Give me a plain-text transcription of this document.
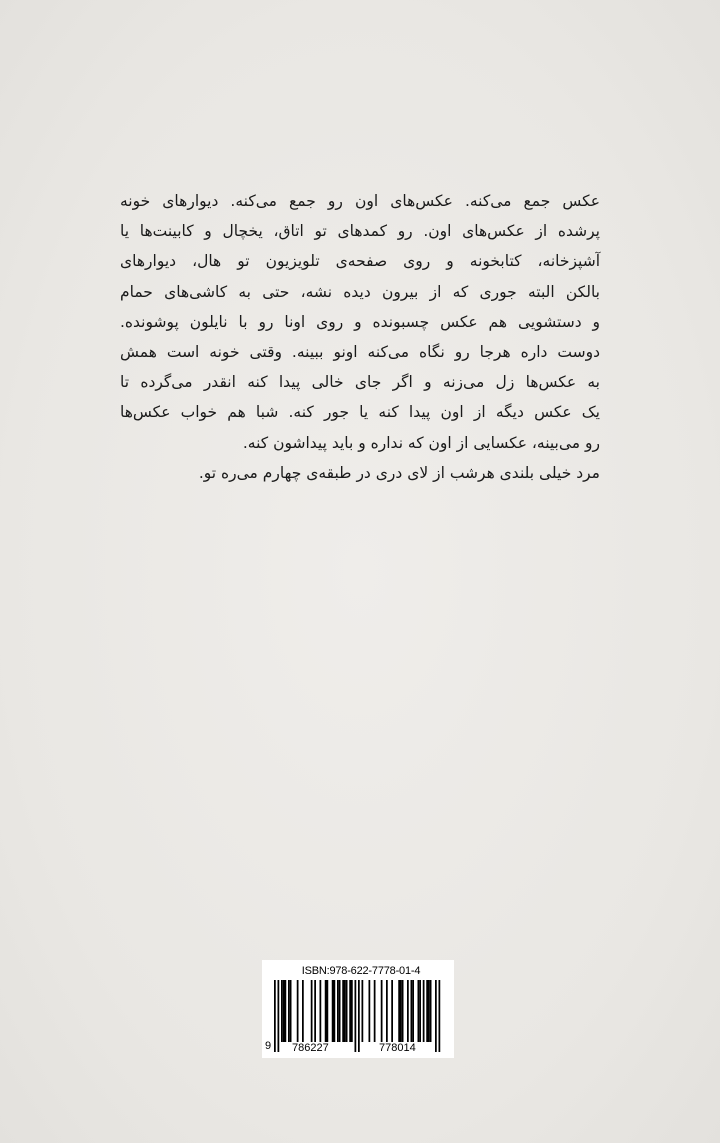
عکس جمع می‌کنه. عکس‌های اون رو جمع می‌کنه. دیوارهای خونه

پرشده از عکس‌های اون. رو کمدهای تو اتاق، یخچال و کابینت‌ها یا

آشپزخانه، کتابخونه و روی صفحه‌ی تلویزیون تو هال، دیوارهای

بالکن البته جوری که از بیرون دیده نشه، حتی به کاشی‌های حمام

و دستشویی هم عکس چسبونده و روی اونا رو با نایلون پوشونده.

دوست داره هرجا رو نگاه می‌کنه اونو ببینه. وقتی خونه است همش

به عکس‌ها زل می‌زنه و اگر جای خالی پیدا کنه انقدر می‌گرده تا

یک عکس دیگه از اون پیدا کنه یا جور کنه. شبا هم خواب عکس‌ها

رو می‌بینه، عکسایی از اون که نداره و باید پیداشون کنه.

مرد خیلی بلندی هرشب از لای دری در طبقه‌ی چهارم می‌ره تو.

ISBN:978-622-7778-01-4
9	786227	778014
